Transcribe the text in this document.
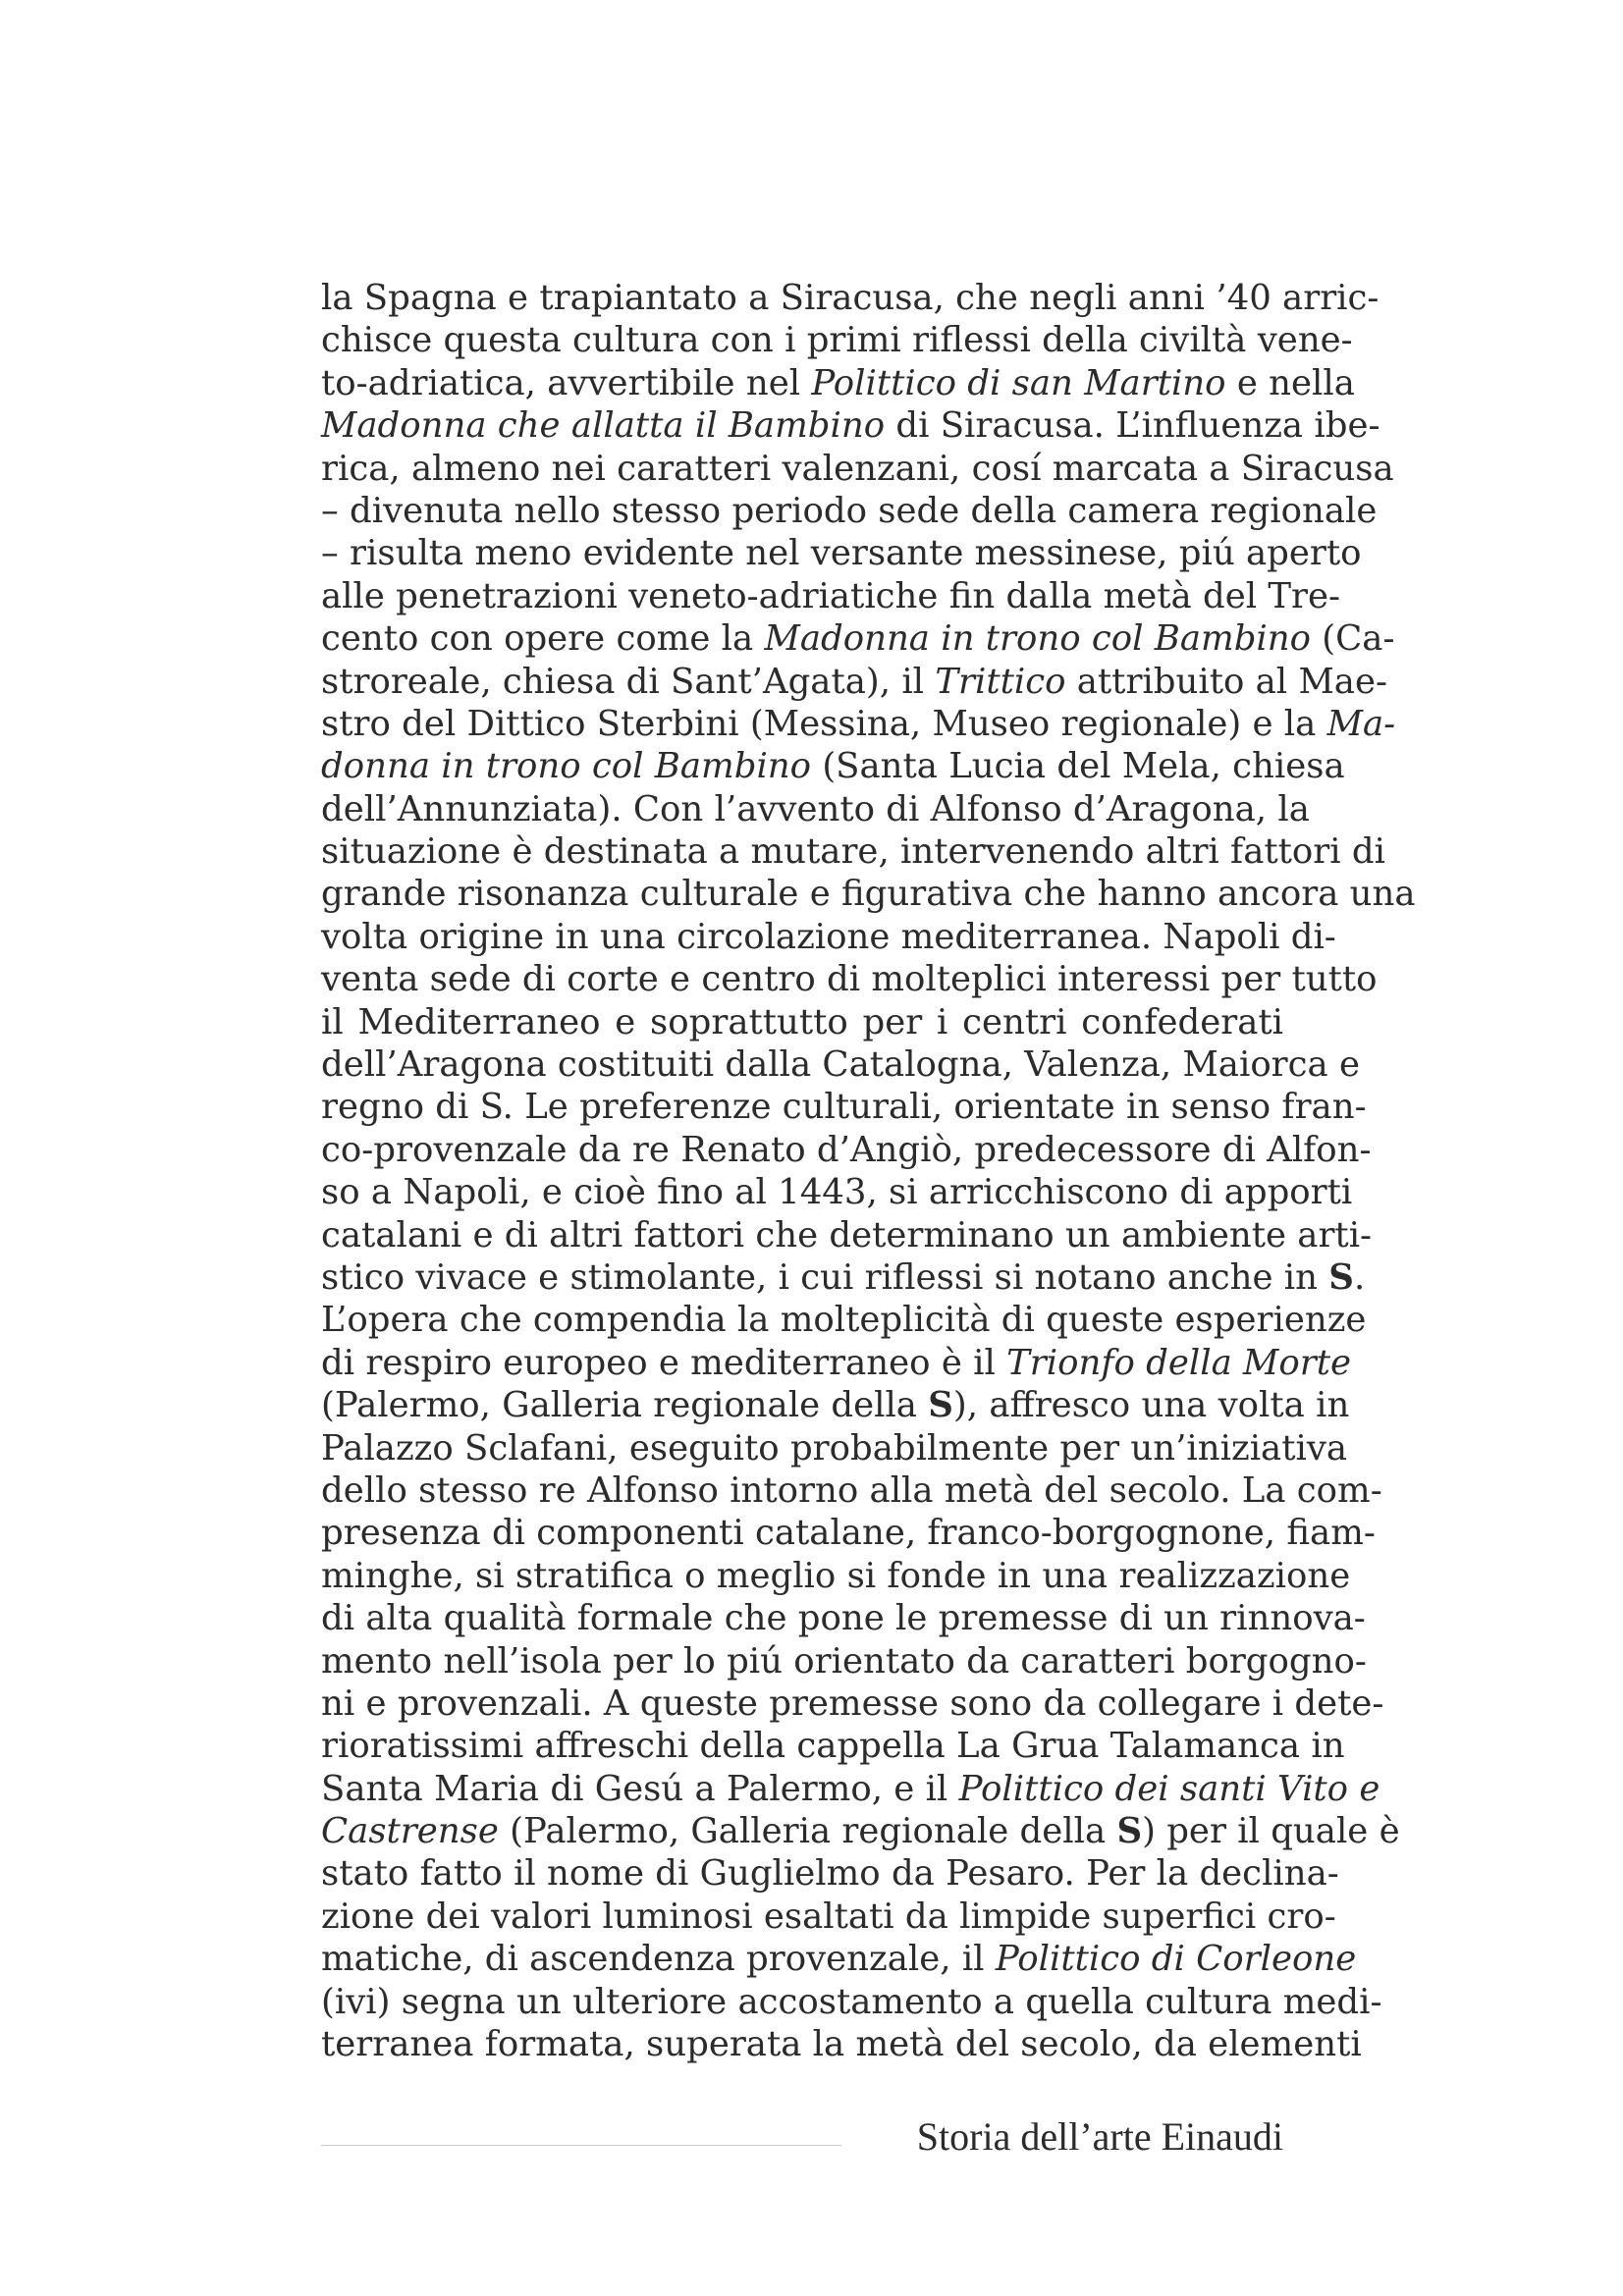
la Spagna e trapiantato a Siracusa, che negli anni ’40 arric-
chisce questa cultura con i primi riflessi della civiltà vene-
to-adriatica, avvertibile nel Polittico di san Martino e nella
Madonna che allatta il Bambino di Siracusa. L’influenza ibe-
rica, almeno nei caratteri valenzani, cosí marcata a Siracusa
– divenuta nello stesso periodo sede della camera regionale
– risulta meno evidente nel versante messinese, piú aperto
alle penetrazioni veneto-adriatiche fin dalla metà del Tre-
cento con opere come la Madonna in trono col Bambino (Ca-
stroreale, chiesa di Sant’Agata), il Trittico attribuito al Mae-
stro del Dittico Sterbini (Messina, Museo regionale) e la Ma-
donna in trono col Bambino (Santa Lucia del Mela, chiesa
dell’Annunziata). Con l’avvento di Alfonso d’Aragona, la
situazione è destinata a mutare, intervenendo altri fattori di
grande risonanza culturale e figurativa che hanno ancora una
volta origine in una circolazione mediterranea. Napoli di-
venta sede di corte e centro di molteplici interessi per tutto
il Mediterraneo e soprattutto per i centri confederati
dell’Aragona costituiti dalla Catalogna, Valenza, Maiorca e
regno di S. Le preferenze culturali, orientate in senso fran-
co-provenzale da re Renato d’Angiò, predecessore di Alfon-
so a Napoli, e cioè fino al 1443, si arricchiscono di apporti
catalani e di altri fattori che determinano un ambiente arti-
stico vivace e stimolante, i cui riflessi si notano anche in S.
L’opera che compendia la molteplicità di queste esperienze
di respiro europeo e mediterraneo è il Trionfo della Morte
(Palermo, Galleria regionale della S), affresco una volta in
Palazzo Sclafani, eseguito probabilmente per un’iniziativa
dello stesso re Alfonso intorno alla metà del secolo. La com-
presenza di componenti catalane, franco-borgognone, fiam-
minghe, si stratifica o meglio si fonde in una realizzazione
di alta qualità formale che pone le premesse di un rinnova-
mento nell’isola per lo piú orientato da caratteri borgogno-
ni e provenzali. A queste premesse sono da collegare i dete-
rioratissimi affreschi della cappella La Grua Talamanca in
Santa Maria di Gesú a Palermo, e il Polittico dei santi Vito e
Castrense (Palermo, Galleria regionale della S) per il quale è
stato fatto il nome di Guglielmo da Pesaro. Per la declina-
zione dei valori luminosi esaltati da limpide superfici cro-
matiche, di ascendenza provenzale, il Polittico di Corleone
(ivi) segna un ulteriore accostamento a quella cultura medi-
terranea formata, superata la metà del secolo, da elementi
Storia dell’arte Einaudi
